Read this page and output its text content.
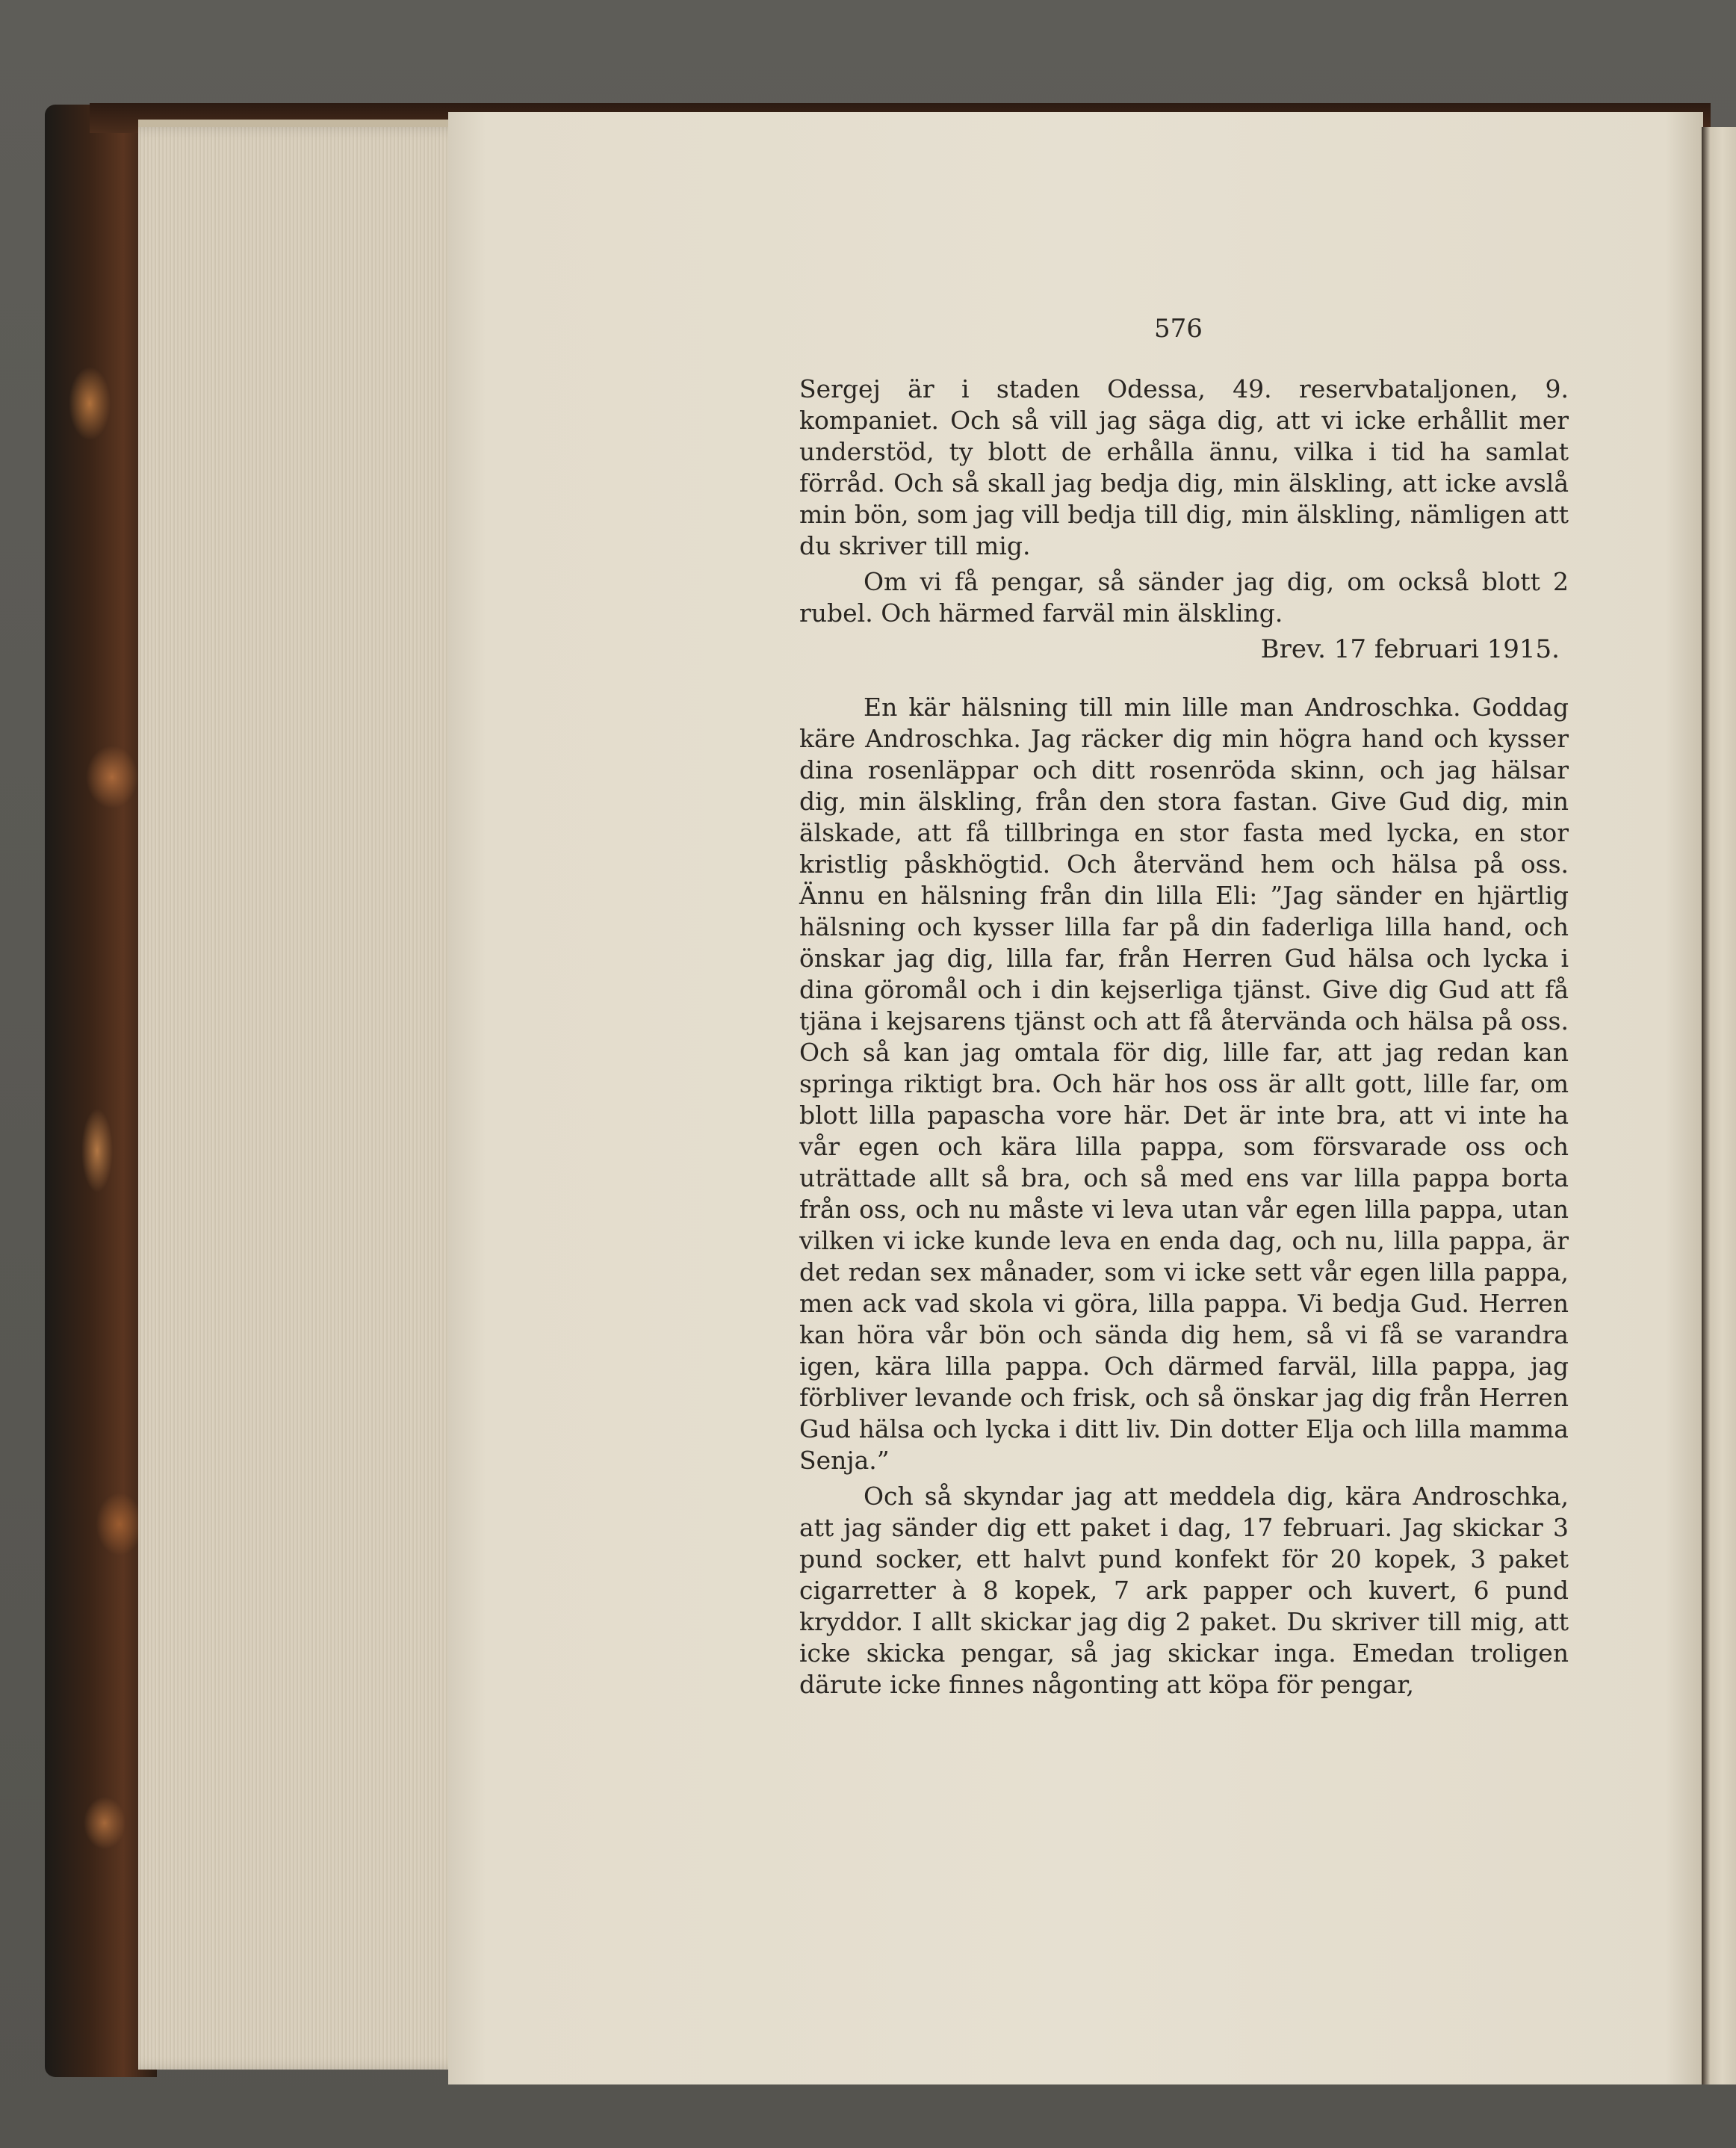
576

Sergej är i staden Odessa, 49. reservbataljonen, 9. kompaniet. Och så vill jag säga dig, att vi icke erhållit mer understöd, ty blott de erhålla ännu, vilka i tid ha samlat förråd. Och så skall jag bedja dig, min älskling, att icke avslå min bön, som jag vill bedja till dig, min älskling, nämligen att du skriver till mig.

Om vi få pengar, så sänder jag dig, om också blott 2 rubel. Och härmed farväl min älskling.

Brev. 17 februari 1915.

En kär hälsning till min lille man Androschka. Goddag käre Androschka. Jag räcker dig min högra hand och kysser dina rosenläppar och ditt rosenröda skinn, och jag hälsar dig, min älskling, från den stora fastan. Give Gud dig, min älskade, att få tillbringa en stor fasta med lycka, en stor kristlig påskhögtid. Och återvänd hem och hälsa på oss. Ännu en hälsning från din lilla Eli: ”Jag sänder en hjärtlig hälsning och kysser lilla far på din faderliga lilla hand, och önskar jag dig, lilla far, från Herren Gud hälsa och lycka i dina göromål och i din kejserliga tjänst. Give dig Gud att få tjäna i kejsarens tjänst och att få återvända och hälsa på oss. Och så kan jag omtala för dig, lille far, att jag redan kan springa riktigt bra. Och här hos oss är allt gott, lille far, om blott lilla papascha vore här. Det är inte bra, att vi inte ha vår egen och kära lilla pappa, som försvarade oss och uträttade allt så bra, och så med ens var lilla pappa borta från oss, och nu måste vi leva utan vår egen lilla pappa, utan vilken vi icke kunde leva en enda dag, och nu, lilla pappa, är det redan sex månader, som vi icke sett vår egen lilla pappa, men ack vad skola vi göra, lilla pappa. Vi bedja Gud. Herren kan höra vår bön och sända dig hem, så vi få se varandra igen, kära lilla pappa. Och därmed farväl, lilla pappa, jag förbliver levande och frisk, och så önskar jag dig från Herren Gud hälsa och lycka i ditt liv. Din dotter Elja och lilla mamma Senja.”

Och så skyndar jag att meddela dig, kära Androschka, att jag sänder dig ett paket i dag, 17 februari. Jag skickar 3 pund socker, ett halvt pund konfekt för 20 kopek, 3 paket cigarretter à 8 kopek, 7 ark papper och kuvert, 6 pund kryddor. I allt skickar jag dig 2 paket. Du skriver till mig, att icke skicka pengar, så jag skickar inga. Emedan troligen därute icke finnes någonting att köpa för pengar,
